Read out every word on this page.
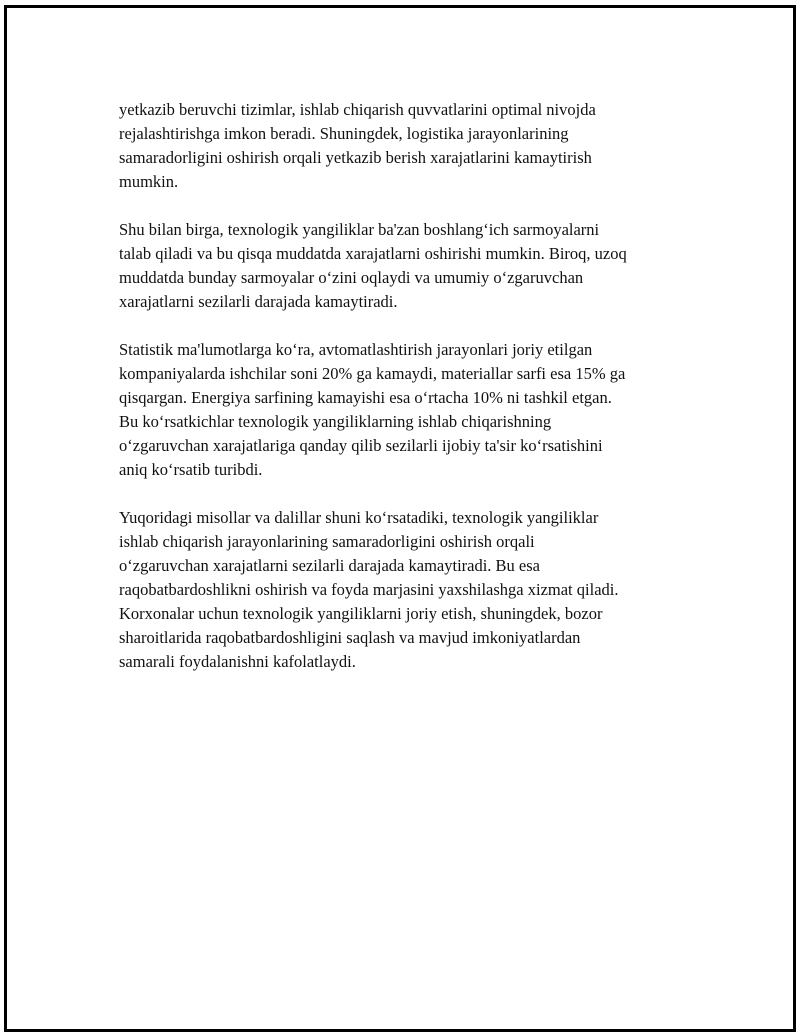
yetkazib beruvchi tizimlar, ishlab chiqarish quvvatlarini optimal nivojda
rejalashtirishga imkon beradi. Shuningdek, logistika jarayonlarining
samaradorligini oshirish orqali yetkazib berish xarajatlarini kamaytirish
mumkin.

Shu bilan birga, texnologik yangiliklar ba'zan boshlang‘ich sarmoyalarni
talab qiladi va bu qisqa muddatda xarajatlarni oshirishi mumkin. Biroq, uzoq
muddatda bunday sarmoyalar o‘zini oqlaydi va umumiy o‘zgaruvchan
xarajatlarni sezilarli darajada kamaytiradi.

Statistik ma'lumotlarga ko‘ra, avtomatlashtirish jarayonlari joriy etilgan
kompaniyalarda ishchilar soni 20% ga kamaydi, materiallar sarfi esa 15% ga
qisqargan. Energiya sarfining kamayishi esa o‘rtacha 10% ni tashkil etgan.
Bu ko‘rsatkichlar texnologik yangiliklarning ishlab chiqarishning
o‘zgaruvchan xarajatlariga qanday qilib sezilarli ijobiy ta'sir ko‘rsatishini
aniq ko‘rsatib turibdi.

Yuqoridagi misollar va dalillar shuni ko‘rsatadiki, texnologik yangiliklar
ishlab chiqarish jarayonlarining samaradorligini oshirish orqali
o‘zgaruvchan xarajatlarni sezilarli darajada kamaytiradi. Bu esa
raqobatbardoshlikni oshirish va foyda marjasini yaxshilashga xizmat qiladi.
Korxonalar uchun texnologik yangiliklarni joriy etish, shuningdek, bozor
sharoitlarida raqobatbardoshligini saqlash va mavjud imkoniyatlardan
samarali foydalanishni kafolatlaydi.
